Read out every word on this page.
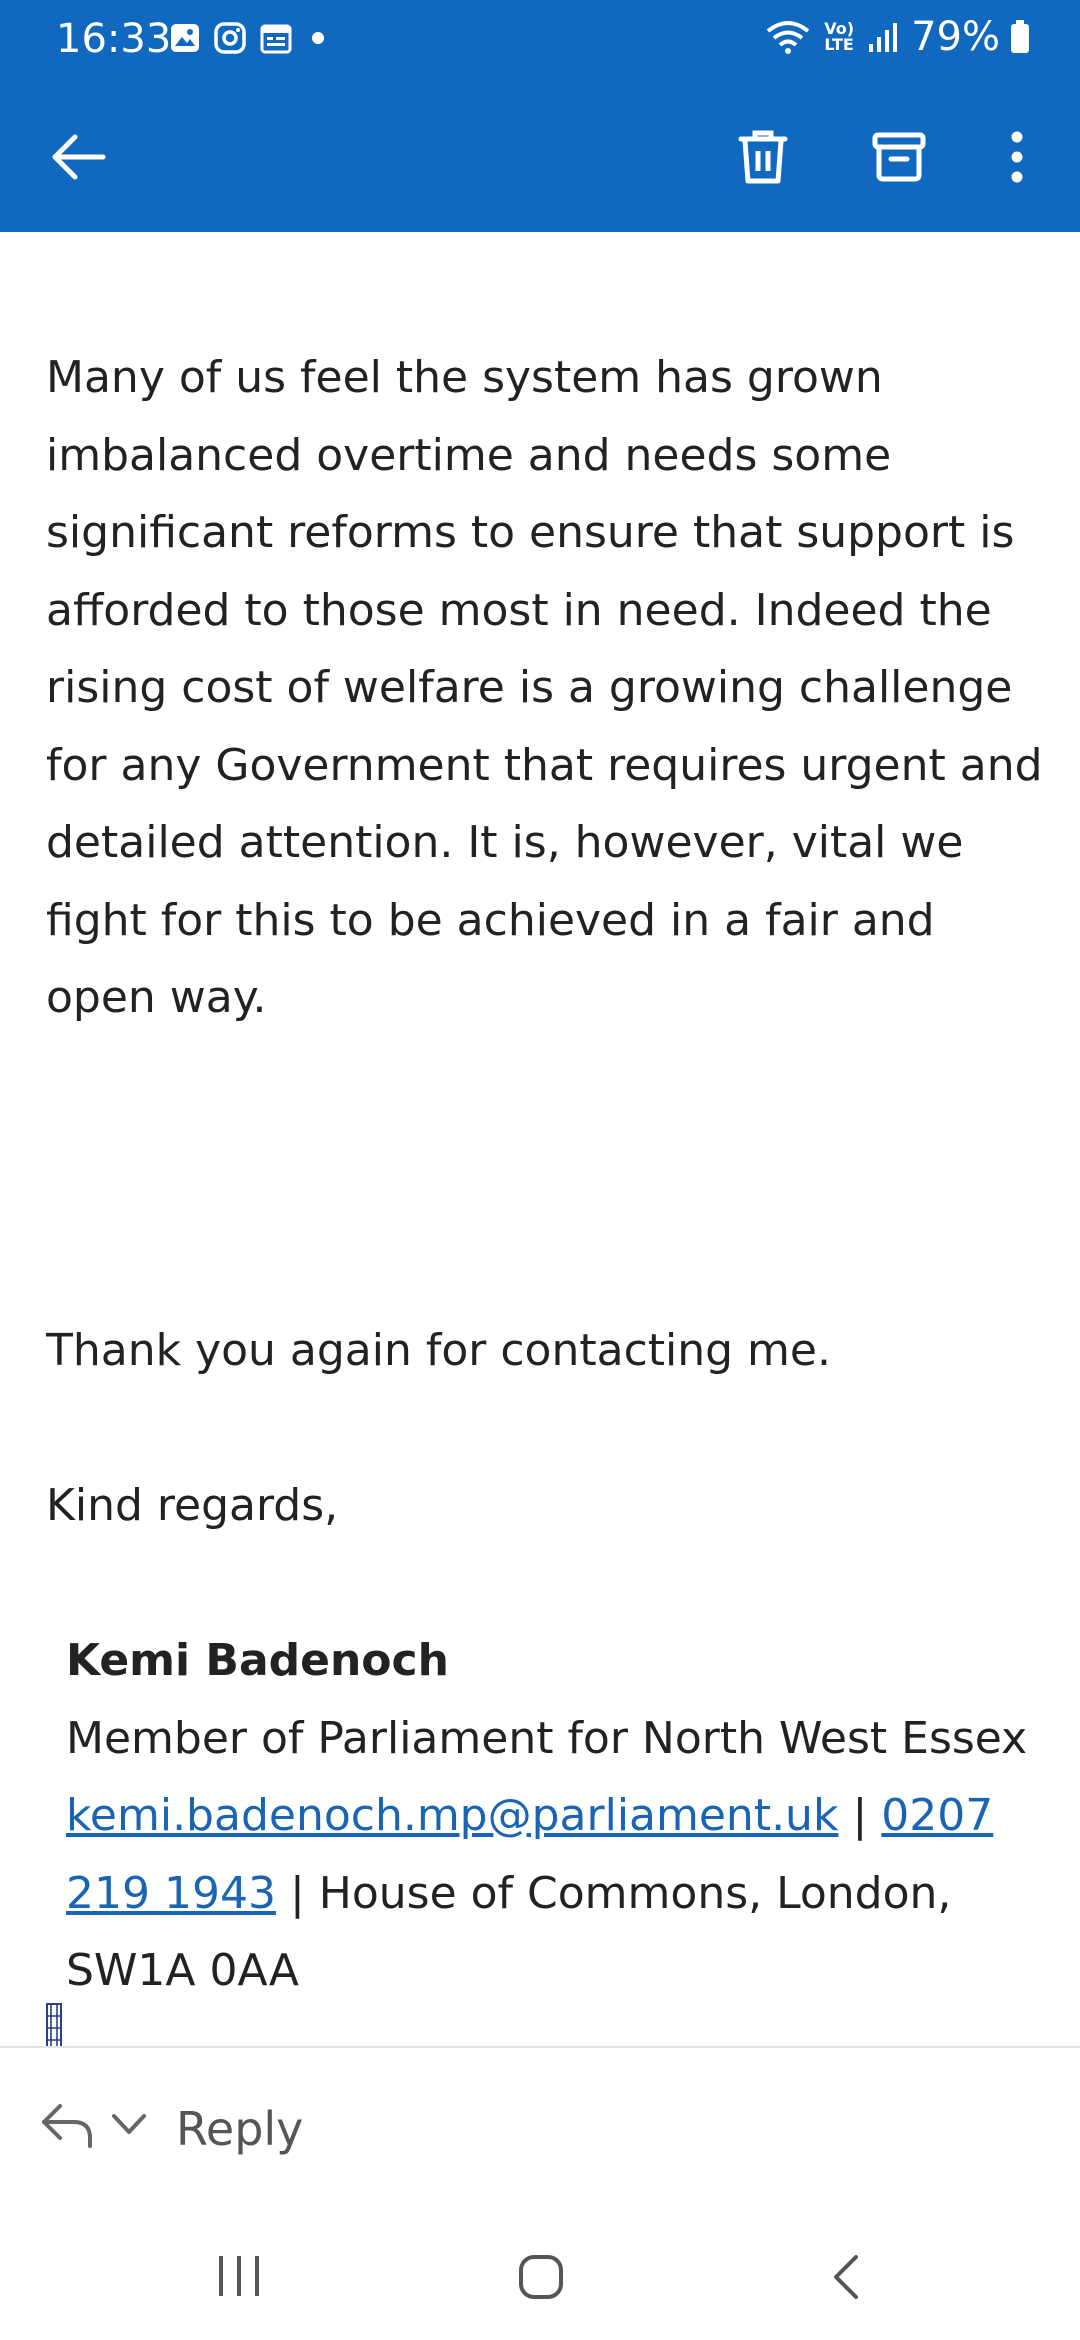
16:33	Vo) LTE 79%
Many of us feel the system has grown imbalanced overtime and needs some significant reforms to ensure that support is afforded to those most in need. Indeed the rising cost of welfare is a growing challenge for any Government that requires urgent and detailed attention. It is, however, vital we fight for this to be achieved in a fair and open way.
Thank you again for contacting me.
Kind regards,
Kemi Badenoch
Member of Parliament for North West Essex
kemi.badenoch.mp@parliament.uk | 0207 219 1943 | House of Commons, London, SW1A 0AA
Reply
